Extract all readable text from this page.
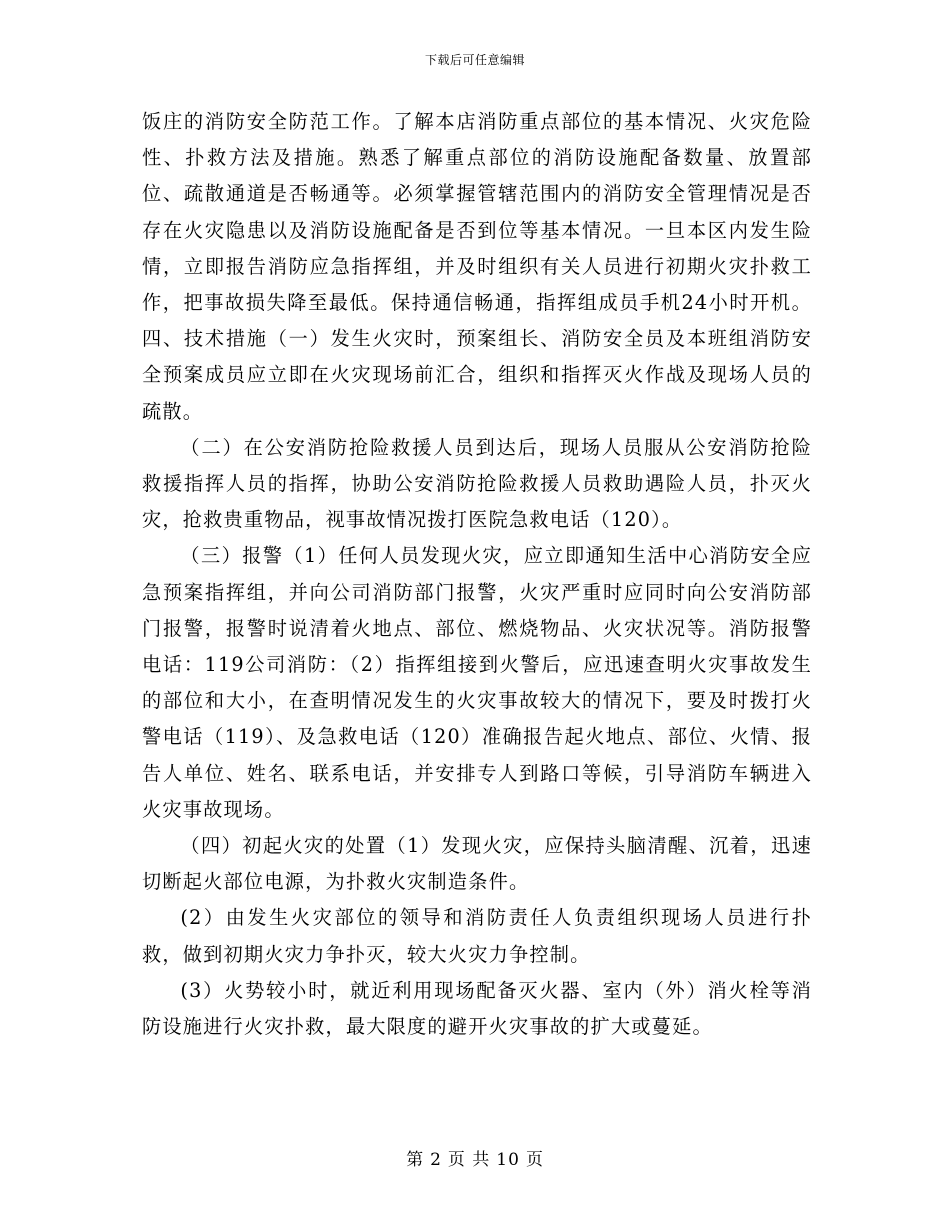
下载后可任意编辑

饭庄的消防安全防范工作。了解本店消防重点部位的基本情况、火灾危险性、扑救方法及措施。熟悉了解重点部位的消防设施配备数量、放置部位、疏散通道是否畅通等。必须掌握管辖范围内的消防安全管理情况是否存在火灾隐患以及消防设施配备是否到位等基本情况。一旦本区内发生险情，立即报告消防应急指挥组，并及时组织有关人员进行初期火灾扑救工作，把事故损失降至最低。保持通信畅通，指挥组成员手机24小时开机。 四、技术措施（一）发生火灾时，预案组长、消防安全员及本班组消防安全预案成员应立即在火灾现场前汇合，组织和指挥灭火作战及现场人员的疏散。

（二）在公安消防抢险救援人员到达后，现场人员服从公安消防抢险救援指挥人员的指挥，协助公安消防抢险救援人员救助遇险人员，扑灭火灾，抢救贵重物品，视事故情况拨打医院急救电话（120）。

（三）报警（1）任何人员发现火灾，应立即通知生活中心消防安全应急预案指挥组，并向公司消防部门报警，火灾严重时应同时向公安消防部门报警，报警时说清着火地点、部位、燃烧物品、火灾状况等。消防报警电话：119公司消防：（2）指挥组接到火警后，应迅速查明火灾事故发生的部位和大小，在查明情况发生的火灾事故较大的情况下，要及时拨打火警电话（119）、及急救电话（120）准确报告起火地点、部位、火情、报告人单位、姓名、联系电话，并安排专人到路口等候，引导消防车辆进入火灾事故现场。

（四）初起火灾的处置（1）发现火灾，应保持头脑清醒、沉着，迅速切断起火部位电源，为扑救火灾制造条件。

(2）由发生火灾部位的领导和消防责任人负责组织现场人员进行扑救，做到初期火灾力争扑灭，较大火灾力争控制。

(3）火势较小时，就近利用现场配备灭火器、室内（外）消火栓等消防设施进行火灾扑救，最大限度的避开火灾事故的扩大或蔓延。

第 2 页 共 10 页
